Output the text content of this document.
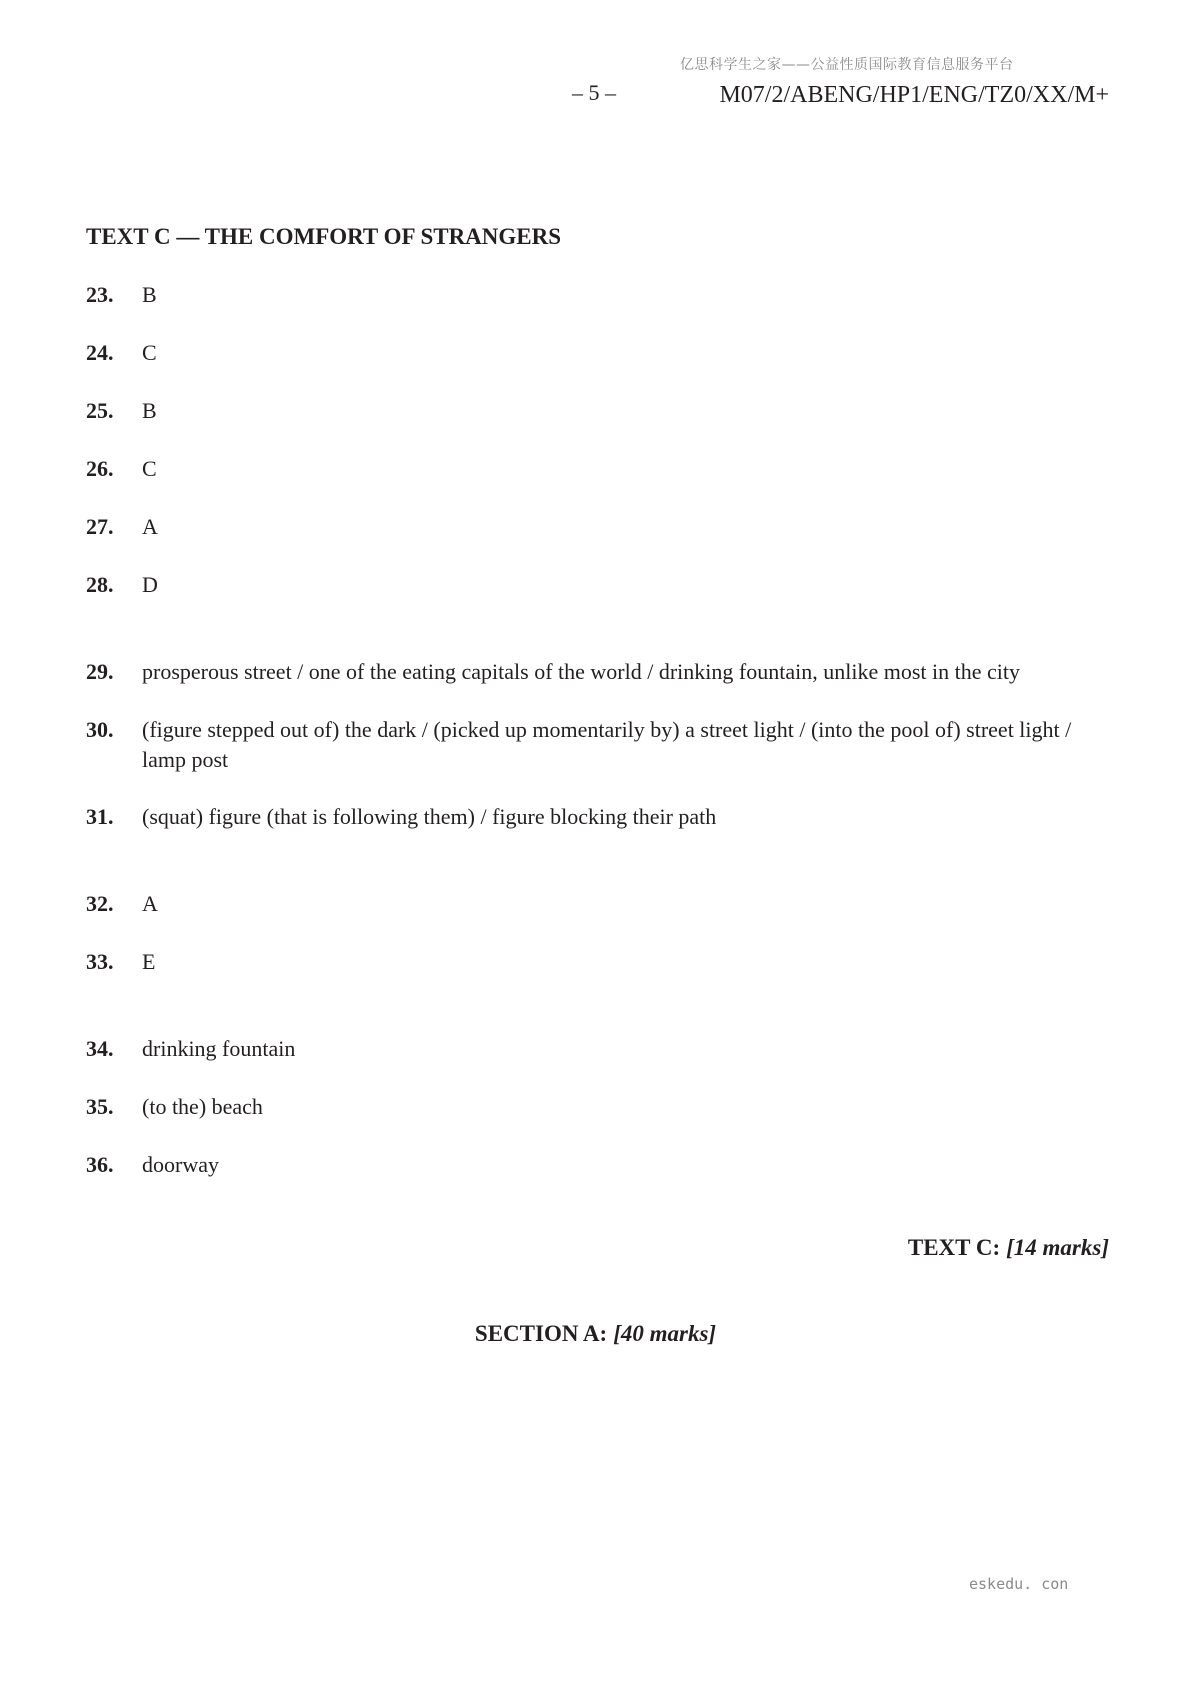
亿思科学生之家——公益性质国际教育信息服务平台
– 5 –	M07/2/ABENG/HP1/ENG/TZ0/XX/M+
TEXT C — THE COMFORT OF STRANGERS
23. B
24. C
25. B
26. C
27. A
28. D
29. prosperous street / one of the eating capitals of the world / drinking fountain, unlike most in the city
30. (figure stepped out of) the dark / (picked up momentarily by) a street light / (into the pool of) street light / lamp post
31. (squat) figure (that is following them) / figure blocking their path
32. A
33. E
34. drinking fountain
35. (to the) beach
36. doorway
TEXT C: [14 marks]
SECTION A: [40 marks]
eskedu. con
